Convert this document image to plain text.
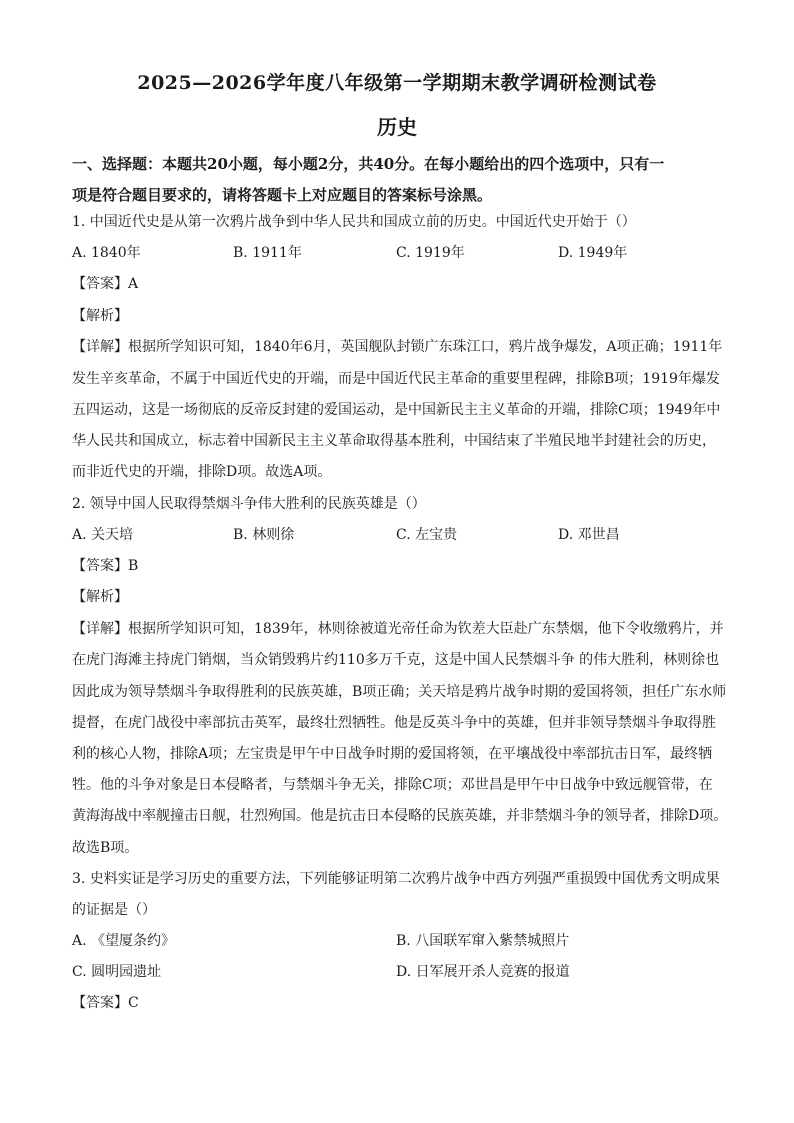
2025—2026学年度八年级第一学期期末教学调研检测试卷
历史
一、选择题：本题共20小题，每小题2分，共40分。在每小题给出的四个选项中，只有一
项是符合题目要求的，请将答题卡上对应题目的答案标号涂黑。
1. 中国近代史是从第一次鸦片战争到中华人民共和国成立前的历史。中国近代史开始于（）
A. 1840年	B. 1911年	C. 1919年	D. 1949年
【答案】A
【解析】
【详解】根据所学知识可知，1840年6月，英国舰队封锁广东珠江口，鸦片战争爆发，A项正确；1911年
发生辛亥革命，不属于中国近代史的开端，而是中国近代民主革命的重要里程碑，排除B项；1919年爆发
五四运动，这是一场彻底的反帝反封建的爱国运动，是中国新民主主义革命的开端，排除C项；1949年中
华人民共和国成立，标志着中国新民主主义革命取得基本胜利，中国结束了半殖民地半封建社会的历史，
而非近代史的开端，排除D项。故选A项。
2. 领导中国人民取得禁烟斗争伟大胜利的民族英雄是（）
A. 关天培	B. 林则徐	C. 左宝贵	D. 邓世昌
【答案】B
【解析】
【详解】根据所学知识可知，1839年，林则徐被道光帝任命为钦差大臣赴广东禁烟，他下令收缴鸦片，并
在虎门海滩主持虎门销烟，当众销毁鸦片约110多万千克，这是中国人民禁烟斗争 的伟大胜利，林则徐也
因此成为领导禁烟斗争取得胜利的民族英雄，B项正确；关天培是鸦片战争时期的爱国将领，担任广东水师
提督，在虎门战役中率部抗击英军，最终壮烈牺牲。他是反英斗争中的英雄，但并非领导禁烟斗争取得胜
利的核心人物，排除A项；左宝贵是甲午中日战争时期的爱国将领，在平壤战役中率部抗击日军，最终牺
牲。他的斗争对象是日本侵略者，与禁烟斗争无关，排除C项；邓世昌是甲午中日战争中致远舰管带，在
黄海海战中率舰撞击日舰，壮烈殉国。他是抗击日本侵略的民族英雄，并非禁烟斗争的领导者，排除D项。
故选B项。
3. 史料实证是学习历史的重要方法，下列能够证明第二次鸦片战争中西方列强严重损毁中国优秀文明成果
的证据是（）
A. 《望厦条约》	B. 八国联军窜入紫禁城照片
C. 圆明园遗址	D. 日军展开杀人竞赛的报道
【答案】C
